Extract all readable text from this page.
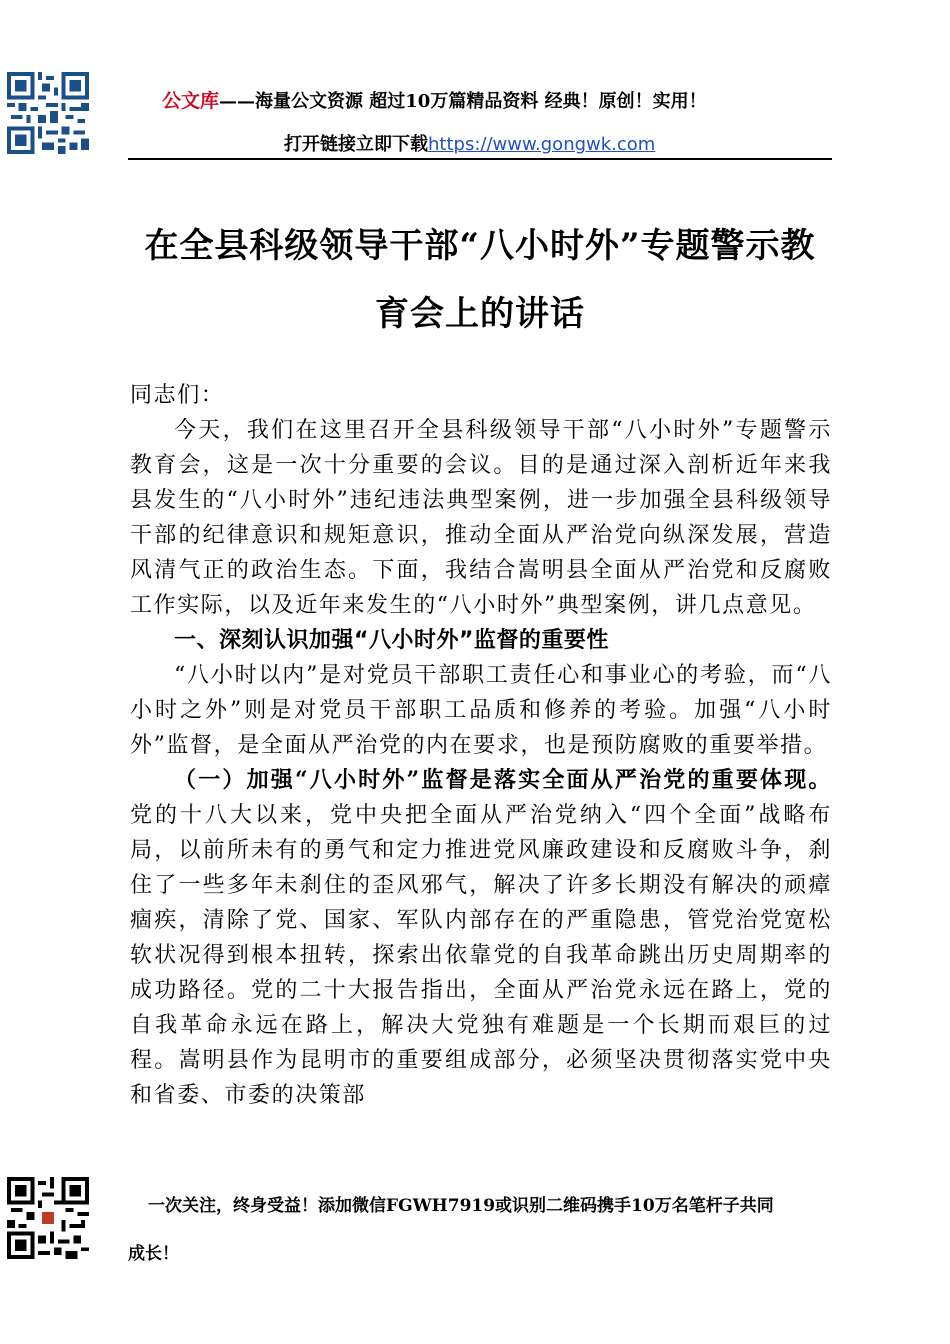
公文库——海量公文资源 超过10万篇精品资料 经典！原创！实用！
打开链接立即下载https://www.gongwk.com
在全县科级领导干部“八小时外”专题警示教
育会上的讲话

同志们：

今天，我们在这里召开全县科级领导干部“八小时外”专题警示教育会，这是一次十分重要的会议。目的是通过深入剖析近年来我县发生的“八小时外”违纪违法典型案例，进一步加强全县科级领导干部的纪律意识和规矩意识，推动全面从严治党向纵深发展，营造风清气正的政治生态。下面，我结合嵩明县全面从严治党和反腐败工作实际，以及近年来发生的“八小时外”典型案例，讲几点意见。

一、深刻认识加强“八小时外”监督的重要性

“八小时以内”是对党员干部职工责任心和事业心的考验，而“八小时之外”则是对党员干部职工品质和修养的考验。加强“八小时外”监督，是全面从严治党的内在要求，也是预防腐败的重要举措。

（一）加强“八小时外”监督是落实全面从严治党的重要体现。党的十八大以来，党中央把全面从严治党纳入“四个全面”战略布局，以前所未有的勇气和定力推进党风廉政建设和反腐败斗争，刹住了一些多年未刹住的歪风邪气，解决了许多长期没有解决的顽瘴痼疾，清除了党、国家、军队内部存在的严重隐患，管党治党宽松软状况得到根本扭转，探索出依靠党的自我革命跳出历史周期率的成功路径。党的二十大报告指出，全面从严治党永远在路上，党的自我革命永远在路上，解决大党独有难题是一个长期而艰巨的过程。嵩明县作为昆明市的重要组成部分，必须坚决贯彻落实党中央和省委、市委的决策部

一次关注，终身受益！添加微信FGWH7919或识别二维码携手10万名笔杆子共同
成长！
